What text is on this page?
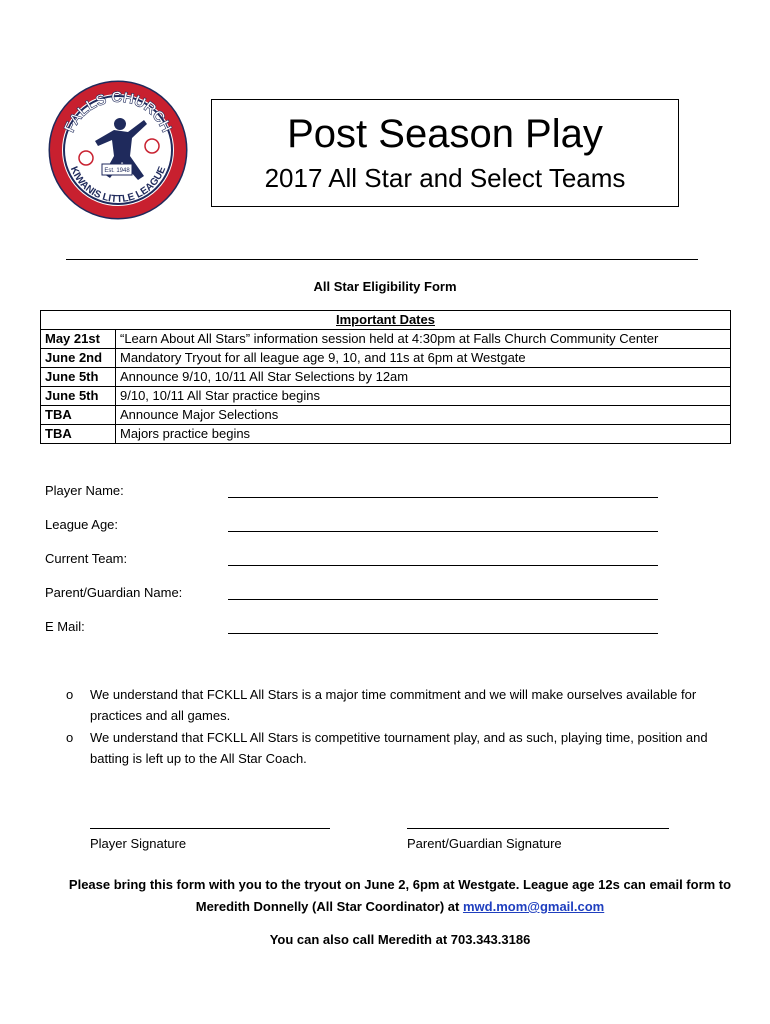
FALLS CHURCH
KIWANIS LITTLE LEAGUE
Est. 1948
Post Season Play
2017 All Star and Select Teams
All Star Eligibility Form
Important Dates	
May 21st	“Learn About All Stars” information session held at 4:30pm at Falls Church Community Center
June 2nd	Mandatory Tryout for all league age 9, 10, and 11s at 6pm at Westgate
June 5th	Announce 9/10, 10/11 All Star Selections by 12am
June 5th	9/10, 10/11 All Star practice begins
TBA	Announce Major Selections
TBA	Majors practice begins
Player Name:
League Age:
Current Team:
Parent/Guardian Name:
E Mail:
o We understand that FCKLL All Stars is a major time commitment and we will make ourselves available for practices and all games.
o We understand that FCKLL All Stars is competitive tournament play, and as such, playing time, position and batting is left up to the All Star Coach.
Player Signature	Parent/Guardian Signature
Please bring this form with you to the tryout on June 2, 6pm at Westgate. League age 12s can email form to
Meredith Donnelly (All Star Coordinator) at mwd.mom@gmail.com
You can also call Meredith at 703.343.3186
